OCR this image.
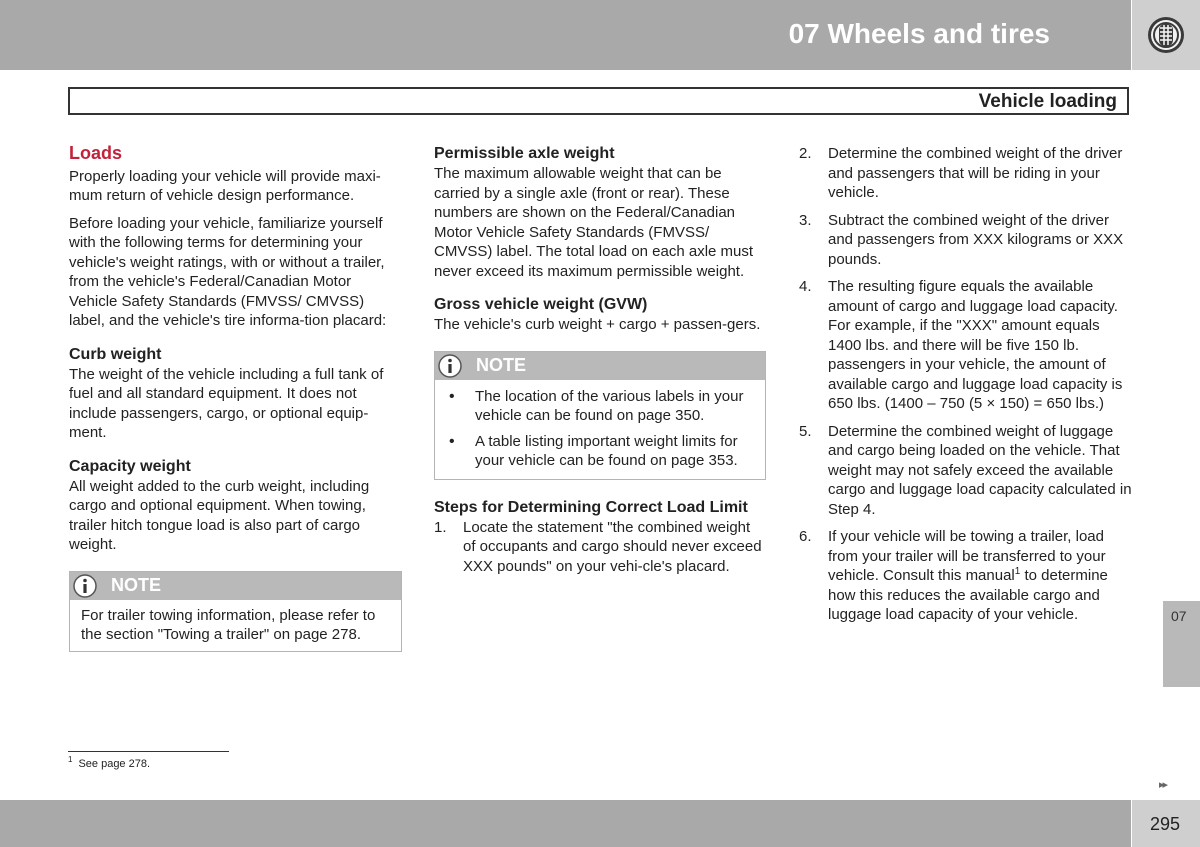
07 Wheels and tires
Vehicle loading
Loads

Properly loading your vehicle will provide maxi-mum return of vehicle design performance.

Before loading your vehicle, familiarize yourself with the following terms for determining your vehicle's weight ratings, with or without a trailer, from the vehicle's Federal/Canadian Motor Vehicle Safety Standards (FMVSS/ CMVSS) label, and the vehicle's tire informa-tion placard:

Curb weight

The weight of the vehicle including a full tank of fuel and all standard equipment. It does not include passengers, cargo, or optional equip-ment.

Capacity weight

All weight added to the curb weight, including cargo and optional equipment. When towing, trailer hitch tongue load is also part of cargo weight.

NOTE
For trailer towing information, please refer to the section "Towing a trailer" on page 278.
Permissible axle weight

The maximum allowable weight that can be carried by a single axle (front or rear). These numbers are shown on the Federal/Canadian Motor Vehicle Safety Standards (FMVSS/ CMVSS) label. The total load on each axle must never exceed its maximum permissible weight.

Gross vehicle weight (GVW)

The vehicle's curb weight + cargo + passen-gers.

NOTE
• The location of the various labels in your vehicle can be found on page 350.
• A table listing important weight limits for your vehicle can be found on page 353.
Steps for Determining Correct Load Limit
1. Locate the statement "the combined weight of occupants and cargo should never exceed XXX pounds" on your vehi-cle's placard.
2. Determine the combined weight of the driver and passengers that will be riding in your vehicle.
3. Subtract the combined weight of the driver and passengers from XXX kilograms or XXX pounds.
4. The resulting figure equals the available amount of cargo and luggage load capacity. For example, if the "XXX" amount equals 1400 lbs. and there will be five 150 lb. passengers in your vehicle, the amount of available cargo and luggage load capacity is 650 lbs. (1400 – 750 (5 × 150) = 650 lbs.)
5. Determine the combined weight of luggage and cargo being loaded on the vehicle. That weight may not safely exceed the available cargo and luggage load capacity calculated in Step 4.
6. If your vehicle will be towing a trailer, load from your trailer will be transferred to your vehicle. Consult this manual$^1$ to determine how this reduces the available cargo and luggage load capacity of your vehicle.	07
$^1$ See page 278.
▸▸
295
